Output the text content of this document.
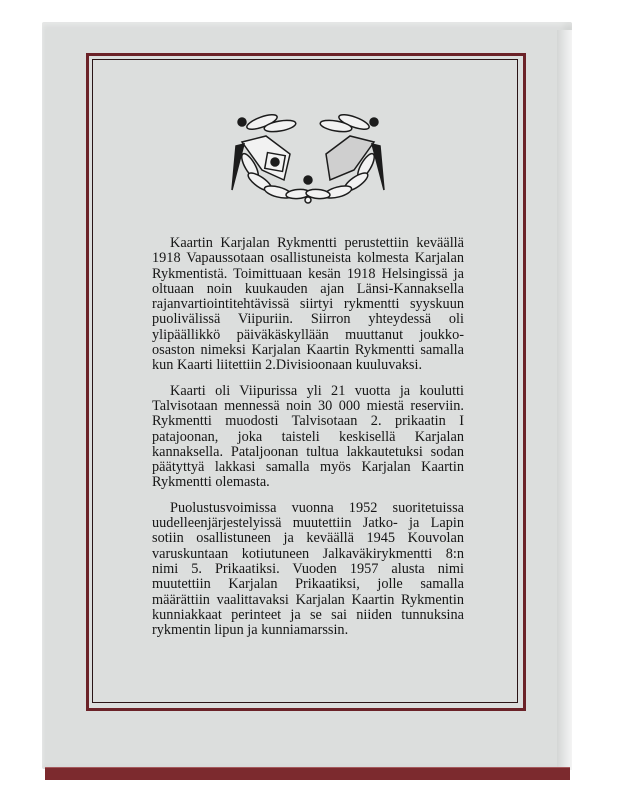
Kaartin Karjalan Rykmentti perustettiin keväällä 1918 Vapaussotaan osallistuneista kolmesta Karjalan Rykmentistä. Toimittuaan kesän 1918 Helsingissä ja oltuaan noin kuukauden ajan Länsi-Kannaksella rajanvartiointitehtävissä siirtyi rykmentti syyskuun puolivälissä Viipuriin. Siirron yhteydessä oli ylipäällikkö päiväkäskyllään muuttanut joukko-osaston nimeksi Karjalan Kaartin Rykmentti samalla kun Kaarti liitettiin 2.Divisioonaan kuuluvaksi.

Kaarti oli Viipurissa yli 21 vuotta ja koulutti Talvisotaan mennessä noin 30 000 miestä reserviin. Rykmentti muodosti Talvisotaan 2. prikaatin I patajoonan, joka taisteli keskisellä Karjalan kannaksella. Pataljoonan tultua lakkautetuksi sodan päätyttyä lakkasi samalla myös Karjalan Kaartin Rykmentti olemasta.

Puolustusvoimissa vuonna 1952 suoritetuissa uudelleenjärjestelyissä muutettiin Jatko- ja Lapin sotiin osallistuneen ja keväällä 1945 Kouvolan varuskuntaan kotiutuneen Jalkaväkirykmentti 8:n nimi 5. Prikaatiksi. Vuoden 1957 alusta nimi muutettiin Karjalan Prikaatiksi, jolle samalla määrättiin vaalittavaksi Karjalan Kaartin Rykmentin kunniakkaat perinteet ja se sai niiden tunnuksina rykmentin lipun ja kunniamarssin.
